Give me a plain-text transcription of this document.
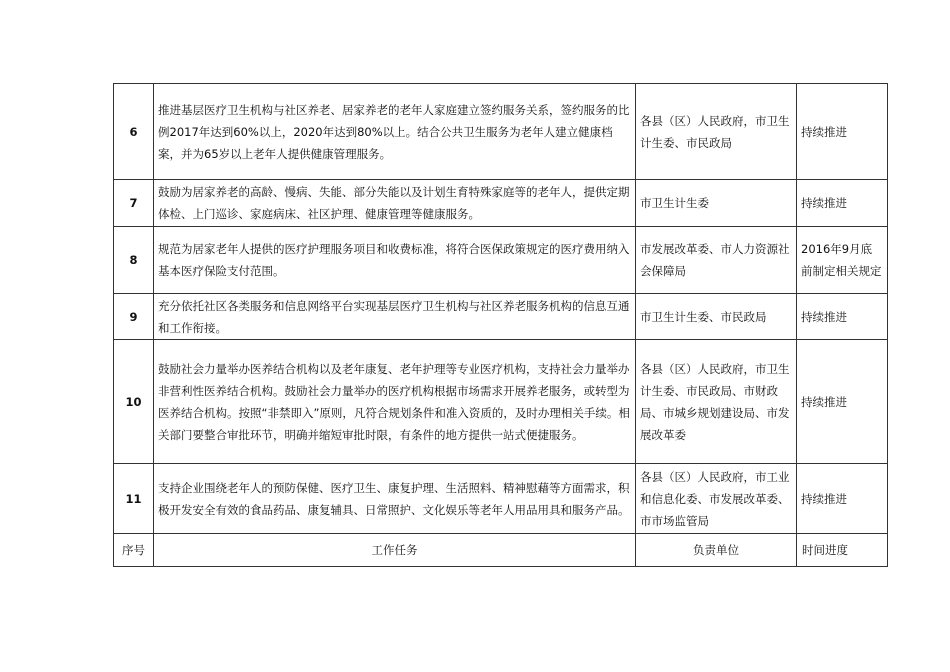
6	推进基层医疗卫生机构与社区养老、居家养老的老年人家庭建立签约服务关系，签约服务的比例2017年达到60%以上，2020年达到80%以上。结合公共卫生服务为老年人建立健康档案，并为65岁以上老年人提供健康管理服务。	各县（区）人民政府，市卫生计生委、市民政局	持续推进
7	鼓励为居家养老的高龄、慢病、失能、部分失能以及计划生育特殊家庭等的老年人，提供定期体检、上门巡诊、家庭病床、社区护理、健康管理等健康服务。	市卫生计生委	持续推进
8	规范为居家老年人提供的医疗护理服务项目和收费标准，将符合医保政策规定的医疗费用纳入基本医疗保险支付范围。	市发展改革委、市人力资源社会保障局	2016年9月底前制定相关规定
9	充分依托社区各类服务和信息网络平台实现基层医疗卫生机构与社区养老服务机构的信息互通和工作衔接。	市卫生计生委、市民政局	持续推进
10	鼓励社会力量举办医养结合机构以及老年康复、老年护理等专业医疗机构，支持社会力量举办非营利性医养结合机构。鼓励社会力量举办的医疗机构根据市场需求开展养老服务，或转型为医养结合机构。按照“非禁即入”原则，凡符合规划条件和准入资质的，及时办理相关手续。相关部门要整合审批环节，明确并缩短审批时限，有条件的地方提供一站式便捷服务。	各县（区）人民政府，市卫生计生委、市民政局、市财政局、市城乡规划建设局、市发展改革委	持续推进
11	支持企业围绕老年人的预防保健、医疗卫生、康复护理、生活照料、精神慰藉等方面需求，积极开发安全有效的食品药品、康复辅具、日常照护、文化娱乐等老年人用品用具和服务产品。	各县（区）人民政府，市工业和信息化委、市发展改革委、市市场监管局	持续推进
序号	工作任务	负责单位	时间进度
